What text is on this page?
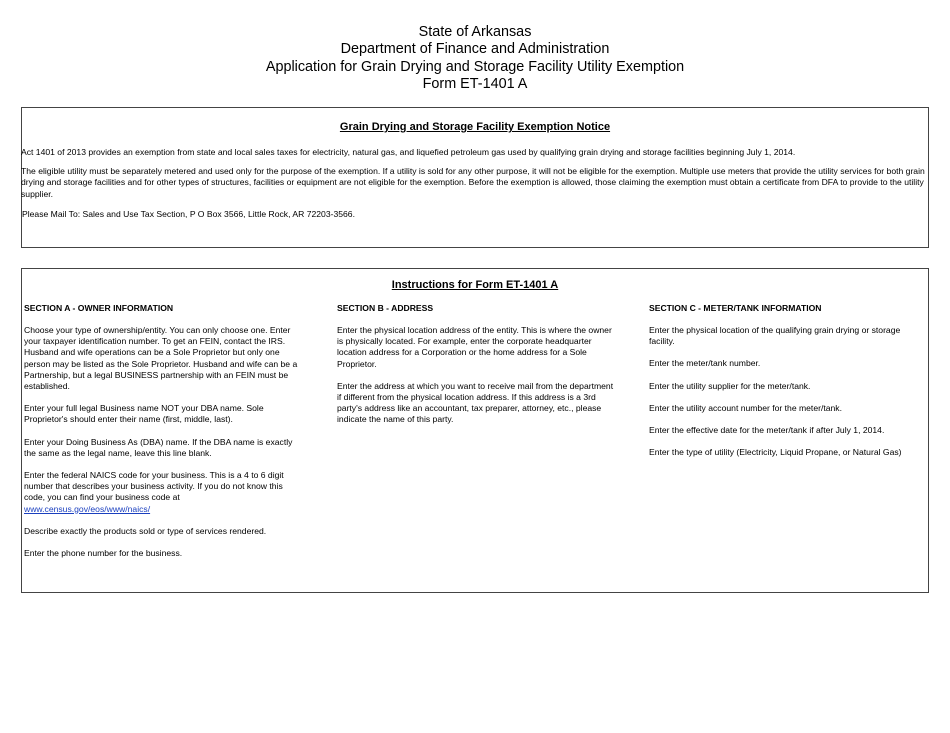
State of Arkansas
Department of Finance and Administration
Application for Grain Drying and Storage Facility Utility Exemption
Form ET-1401 A
Grain Drying and Storage Facility Exemption Notice

Act 1401 of 2013 provides an exemption from state and local sales taxes for electricity, natural gas, and liquefied petroleum gas used by qualifying grain drying and storage facilities beginning July 1, 2014.

The eligible utility must be separately metered and used only for the purpose of the exemption. If a utility is sold for any other purpose, it will not be eligible for the exemption. Multiple use meters that provide the utility services for both grain drying and storage facilities and for other types of structures, facilities or equipment are not eligible for the exemption. Before the exemption is allowed, those claiming the exemption must obtain a certificate from DFA to provide to the utility supplier.

Please Mail To: Sales and Use Tax Section, P O Box 3566, Little Rock, AR 72203-3566.

Instructions for Form ET-1401 A
SECTION A - OWNER INFORMATION

Choose your type of ownership/entity. You can only choose one. Enter your taxpayer identification number. To get an FEIN, contact the IRS. Husband and wife operations can be a Sole Proprietor but only one person may be listed as the Sole Proprietor. Husband and wife can be a Partnership, but a legal BUSINESS partnership with an FEIN must be established.

Enter your full legal Business name NOT your DBA name. Sole Proprietor's should enter their name (first, middle, last).

Enter your Doing Business As (DBA) name. If the DBA name is exactly the same as the legal name, leave this line blank.

Enter the federal NAICS code for your business. This is a 4 to 6 digit number that describes your business activity. If you do not know this code, you can find your business code at www.census.gov/eos/www/naics/

Describe exactly the products sold or type of services rendered.

Enter the phone number for the business.

SECTION B - ADDRESS

Enter the physical location address of the entity. This is where the owner is physically located. For example, enter the corporate headquarter location address for a Corporation or the home address for a Sole Proprietor.

Enter the address at which you want to receive mail from the department if different from the physical location address. If this address is a 3rd party's address like an accountant, tax preparer, attorney, etc., please indicate the name of this party.

SECTION C - METER/TANK INFORMATION

Enter the physical location of the qualifying grain drying or storage facility.

Enter the meter/tank number.

Enter the utility supplier for the meter/tank.

Enter the utility account number for the meter/tank.

Enter the effective date for the meter/tank if after July 1, 2014.

Enter the type of utility (Electricity, Liquid Propane, or Natural Gas)
